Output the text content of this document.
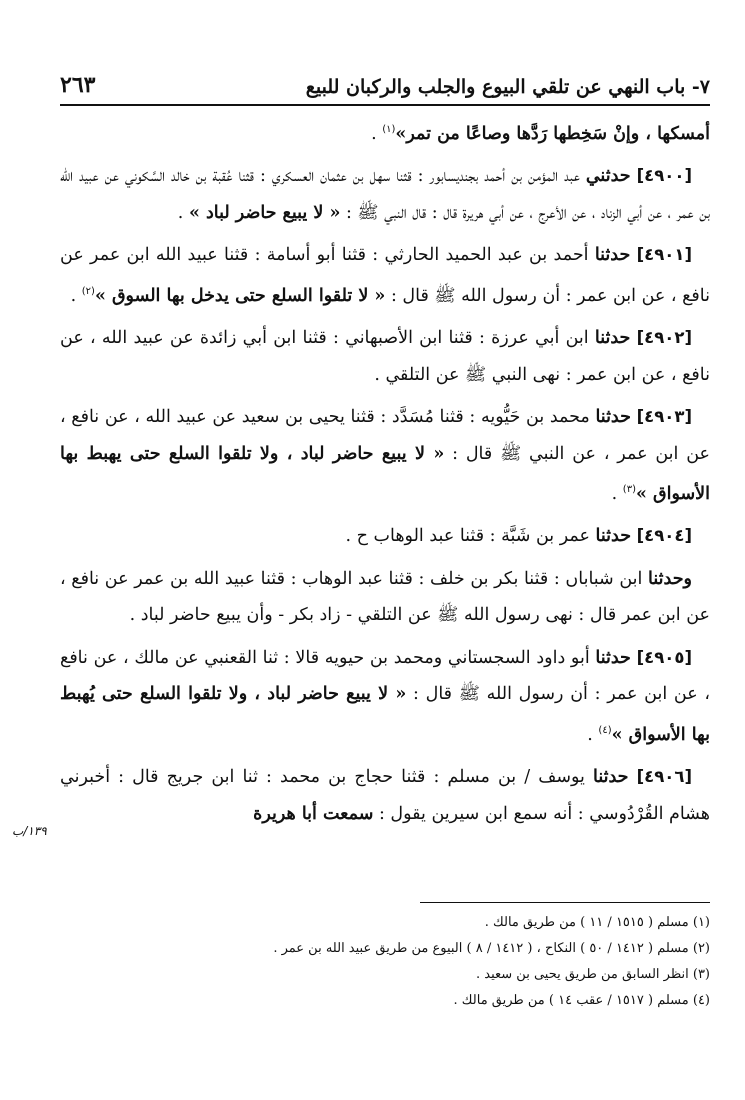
٧- باب النهي عن تلقي البيوع والجلب والركبان للبيع
٢٦٣

أمسكها ، وإنْ سَخِطها رَدَّها وصاعًا من تمر»$^{(١)}$ .

[٤٩٠٠] حدثني عبد المؤمن بن أحمد بجنديسابور : قثنا سهل بن عثمان العسكري : قثنا عُقبة بن خالد السَّكوني عن عبيد الله بن عمر ، عن أبي الزناد ، عن الأعرج ، عن أبي هريرة قال : قال النبي ﷺ : « لا يبيع حاضر لباد » .

[٤٩٠١] حدثنا أحمد بن عبد الحميد الحارثي : قثنا أبو أسامة : قثنا عبيد الله ابن عمر عن نافع ، عن ابن عمر : أن رسول الله ﷺ قال : « لا تلقوا السلع حتى يدخل بها السوق »$^{(٢)}$ .

[٤٩٠٢] حدثنا ابن أبي عرزة : قثنا ابن الأصبهاني : قثنا ابن أبي زائدة عن عبيد الله ، عن نافع ، عن ابن عمر : نهى النبي ﷺ عن التلقي .

[٤٩٠٣] حدثنا محمد بن حَيُّويه : قثنا مُسَدَّد : قثنا يحيى بن سعيد عن عبيد الله ، عن نافع ، عن ابن عمر ، عن النبي ﷺ قال : « لا يبيع حاضر لباد ، ولا تلقوا السلع حتى يهبط بها الأسواق »$^{(٣)}$ .

[٤٩٠٤] حدثنا عمر بن شَبَّة : قثنا عبد الوهاب ح .

وحدثنا ابن شباباں : قثنا بكر بن خلف : قثنا عبد الوهاب : قثنا عبيد الله بن عمر عن نافع ، عن ابن عمر قال : نهى رسول الله ﷺ عن التلقي - زاد بكر - وأن يبيع حاضر لباد .

[٤٩٠٥] حدثنا أبو داود السجستاني ومحمد بن حيويه قالا : ثنا القعنبي عن مالك ، عن نافع ، عن ابن عمر : أن رسول الله ﷺ قال : « لا يبيع حاضر لباد ، ولا تلقوا السلع حتى يُهبط بها الأسواق »$^{(٤)}$ .

[٤٩٠٦] حدثنا يوسف / بن مسلم : قثنا حجاج بن محمد : ثنا ابن جريج قال : أخبرني هشام القُرْدُوسي : أنه سمع ابن سيرين يقول : سمعت أبا هريرة

١٣٩/ب
(١) مسلم ( ١٥١٥ / ١١ ) من طريق مالك .
(٢) مسلم ( ١٤١٢ / ٥٠ ) النكاح ، ( ١٤١٢ / ٨ ) البيوع من طريق عبيد الله بن عمر .
(٣) انظر السابق من طريق يحيى بن سعيد .
(٤) مسلم ( ١٥١٧ / عقب ١٤ ) من طريق مالك .
